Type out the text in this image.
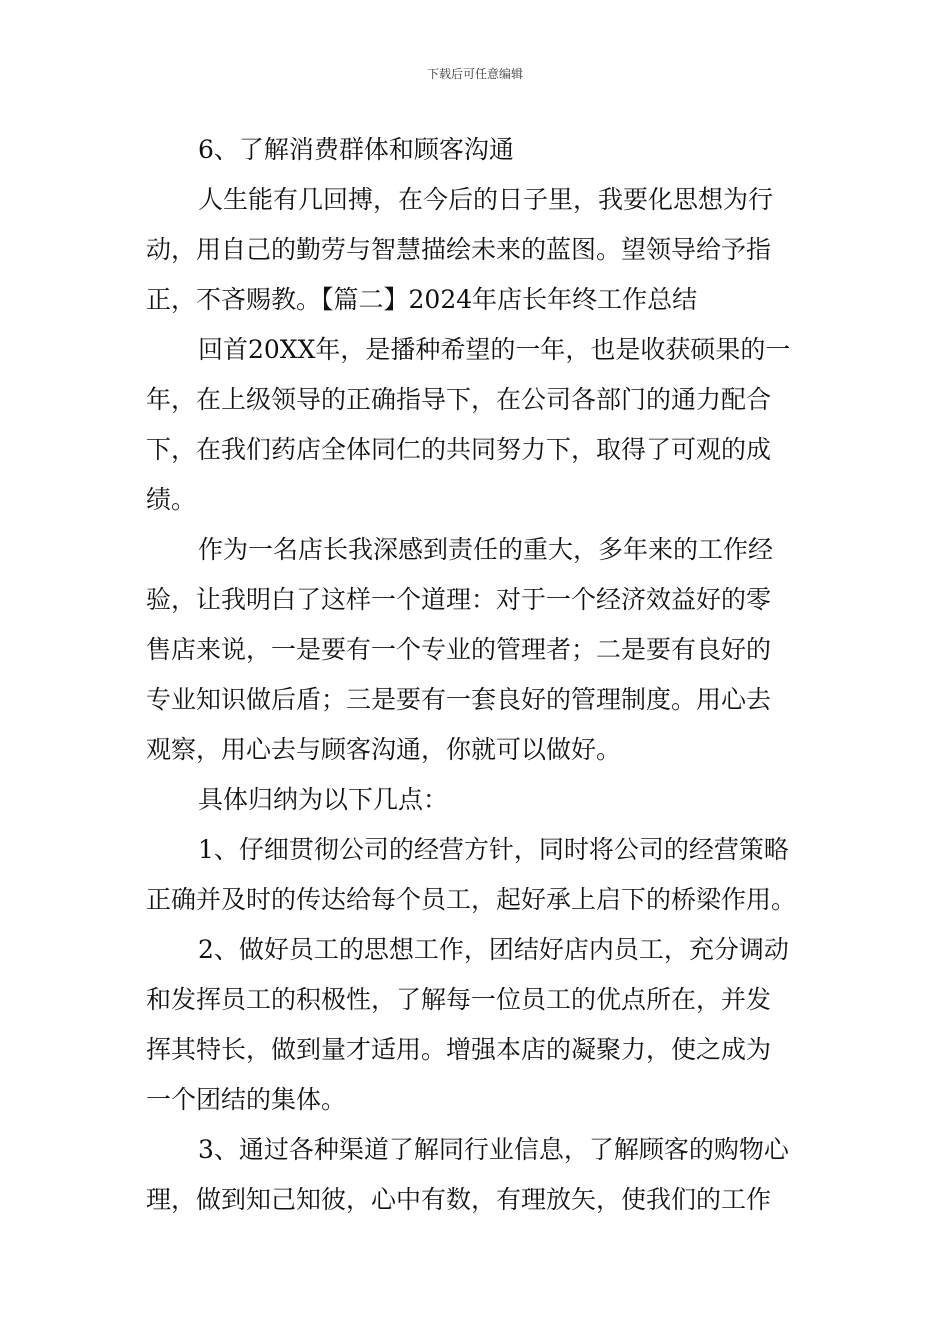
下载后可任意编辑
6、了解消费群体和顾客沟通
人生能有几回搏，在今后的日子里，我要化思想为行
动，用自己的勤劳与智慧描绘未来的蓝图。望领导给予指
正，不吝赐教。【篇二】2024年店长年终工作总结
回首20XX年，是播种希望的一年，也是收获硕果的一
年，在上级领导的正确指导下，在公司各部门的通力配合
下，在我们药店全体同仁的共同努力下，取得了可观的成
绩。
作为一名店长我深感到责任的重大，多年来的工作经
验，让我明白了这样一个道理：对于一个经济效益好的零
售店来说，一是要有一个专业的管理者；二是要有良好的
专业知识做后盾；三是要有一套良好的管理制度。用心去
观察，用心去与顾客沟通，你就可以做好。
具体归纳为以下几点：
1、仔细贯彻公司的经营方针，同时将公司的经营策略
正确并及时的传达给每个员工，起好承上启下的桥梁作用。
2、做好员工的思想工作，团结好店内员工，充分调动
和发挥员工的积极性，了解每一位员工的优点所在，并发
挥其特长，做到量才适用。增强本店的凝聚力，使之成为
一个团结的集体。
3、通过各种渠道了解同行业信息，了解顾客的购物心
理，做到知己知彼，心中有数，有理放矢，使我们的工作
